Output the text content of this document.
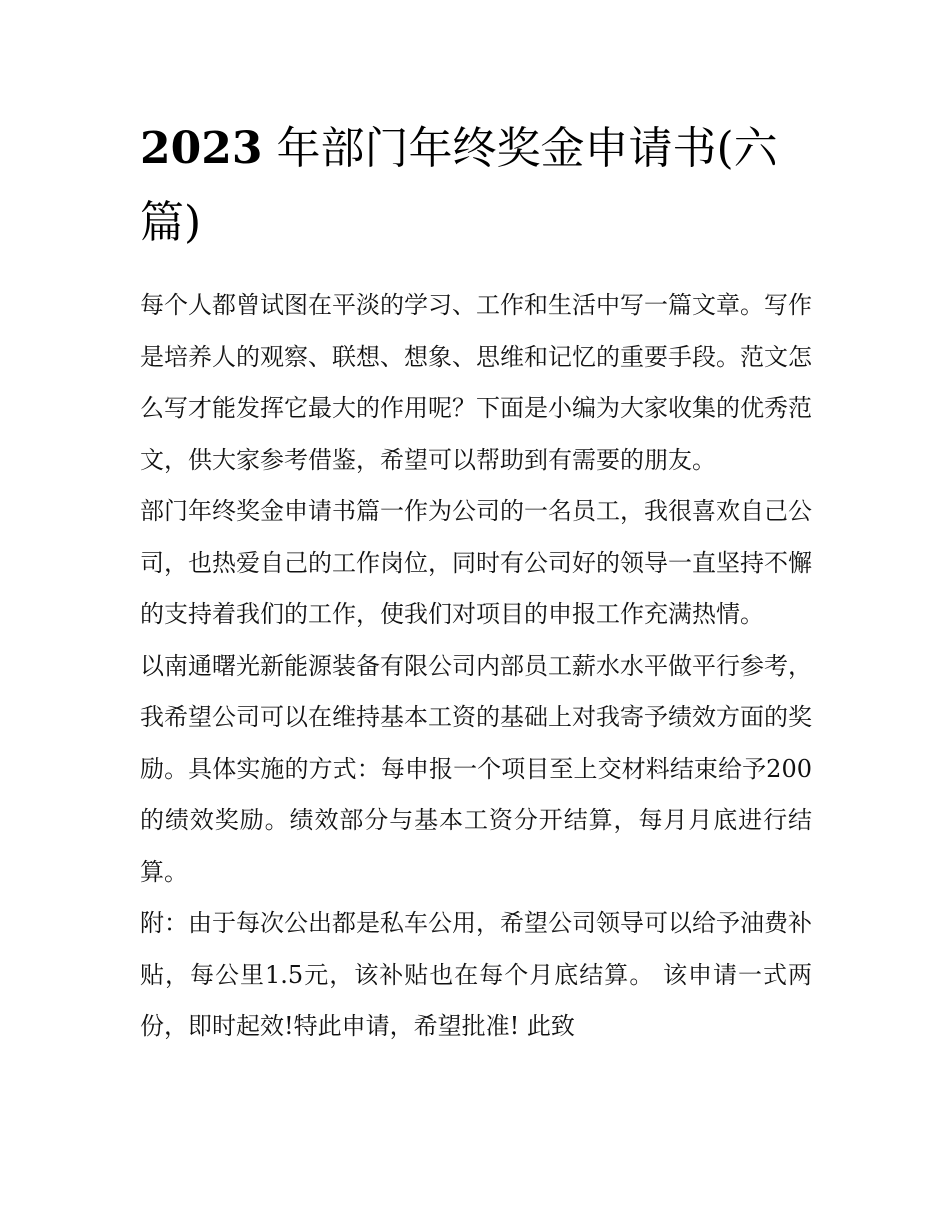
2023 年部门年终奖金申请书(六篇)

每个人都曾试图在平淡的学习、工作和生活中写一篇文章。写作是培养人的观察、联想、想象、思维和记忆的重要手段。范文怎么写才能发挥它最大的作用呢？下面是小编为大家收集的优秀范文，供大家参考借鉴，希望可以帮助到有需要的朋友。

部门年终奖金申请书篇一作为公司的一名员工，我很喜欢自己公司，也热爱自己的工作岗位，同时有公司好的领导一直坚持不懈的支持着我们的工作，使我们对项目的申报工作充满热情。

以南通曙光新能源装备有限公司内部员工薪水水平做平行参考，我希望公司可以在维持基本工资的基础上对我寄予绩效方面的奖励。具体实施的方式：每申报一个项目至上交材料结束给予200的绩效奖励。绩效部分与基本工资分开结算，每月月底进行结算。

附：由于每次公出都是私车公用，希望公司领导可以给予油费补贴，每公里1.5元，该补贴也在每个月底结算。 该申请一式两份，即时起效!特此申请，希望批准! 此致
